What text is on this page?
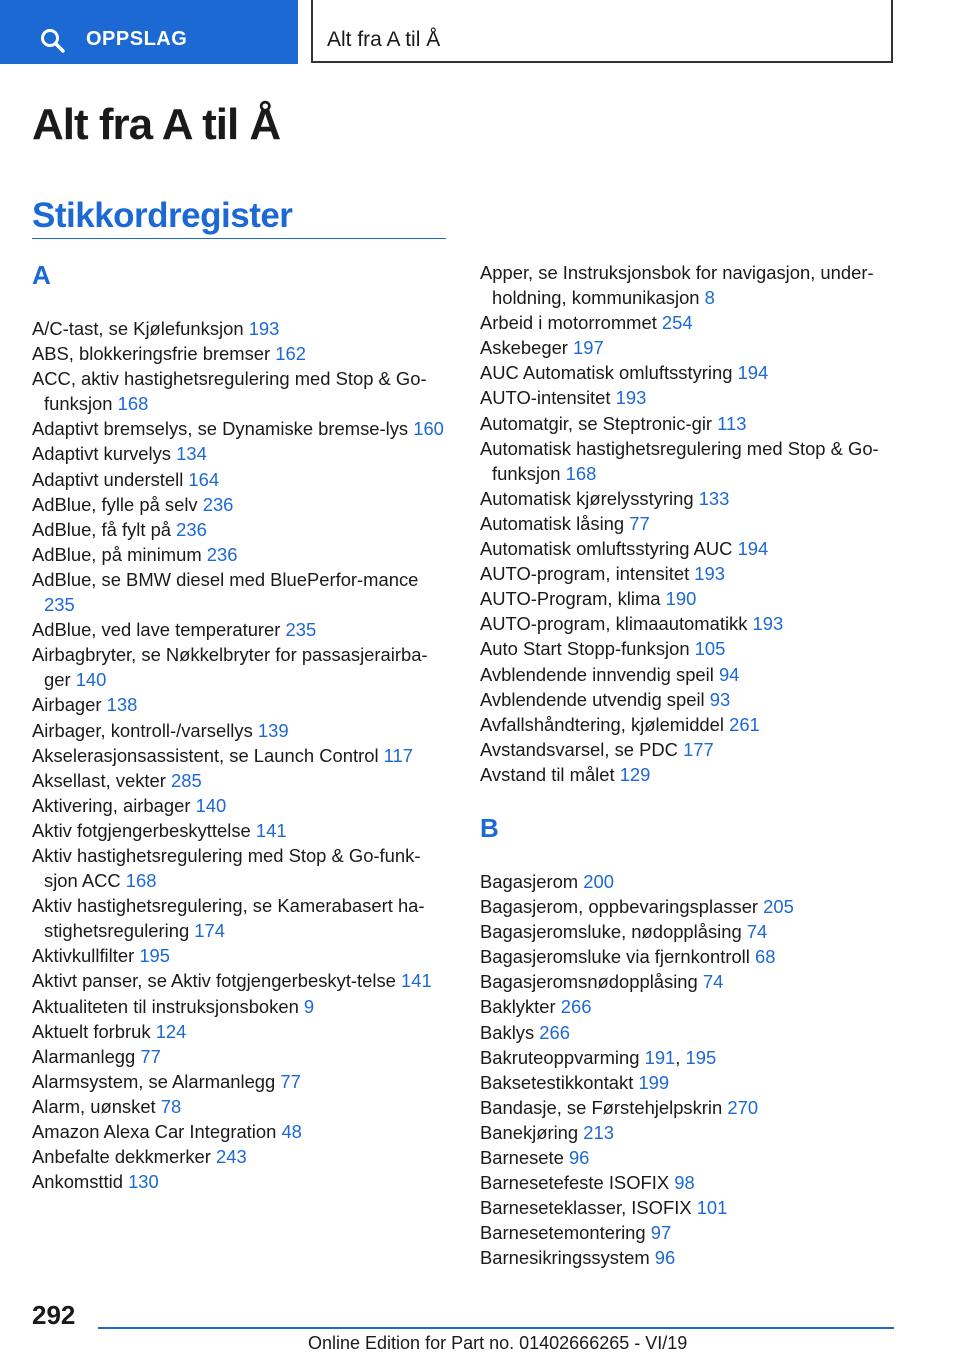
OPPSLAG	Alt fra A til Å
Alt fra A til Å
Stikkordregister
A
A/C-tast, se Kjølefunksjon 193
ABS, blokkeringsfrie bremser 162
ACC, aktiv hastighetsregulering med Stop & Go-funksjon 168
Adaptivt bremselys, se Dynamiske bremse-lys 160
Adaptivt kurvelys 134
Adaptivt understell 164
AdBlue, fylle på selv 236
AdBlue, få fylt på 236
AdBlue, på minimum 236
AdBlue, se BMW diesel med BluePerfor-mance 235
AdBlue, ved lave temperaturer 235
Airbagbryter, se Nøkkelbryter for passasjerairba-ger 140
Airbager 138
Airbager, kontroll-/varsellys 139
Akselerasjonsassistent, se Launch Control 117
Aksellast, vekter 285
Aktivering, airbager 140
Aktiv fotgjengerbeskyttelse 141
Aktiv hastighetsregulering med Stop & Go-funk-sjon ACC 168
Aktiv hastighetsregulering, se Kamerabasert ha-stighetsregulering 174
Aktivkullfilter 195
Aktivt panser, se Aktiv fotgjengerbeskyt-telse 141
Aktualiteten til instruksjonsboken 9
Aktuelt forbruk 124
Alarmanlegg 77
Alarmsystem, se Alarmanlegg 77
Alarm, uønsket 78
Amazon Alexa Car Integration 48
Anbefalte dekkmerker 243
Ankomsttid 130
Apper, se Instruksjonsbok for navigasjon, under-holdning, kommunikasjon 8
Arbeid i motorrommet 254
Askebeger 197
AUC Automatisk omluftsstyring 194
AUTO-intensitet 193
Automatgir, se Steptronic-gir 113
Automatisk hastighetsregulering med Stop & Go-funksjon 168
Automatisk kjørelysstyring 133
Automatisk låsing 77
Automatisk omluftsstyring AUC 194
AUTO-program, intensitet 193
AUTO-Program, klima 190
AUTO-program, klimaautomatikk 193
Auto Start Stopp-funksjon 105
Avblendende innvendig speil 94
Avblendende utvendig speil 93
Avfallshåndtering, kjølemiddel 261
Avstandsvarsel, se PDC 177
Avstand til målet 129
B
Bagasjerom 200
Bagasjerom, oppbevaringsplasser 205
Bagasjeromsluke, nødopplåsing 74
Bagasjeromsluke via fjernkontroll 68
Bagasjeromsnødopplåsing 74
Baklykter 266
Baklys 266
Bakruteoppvarming 191, 195
Baksetestikkontakt 199
Bandasje, se Førstehjelpskrin 270
Banekjøring 213
Barnesete 96
Barnesetefeste ISOFIX 98
Barneseteklasser, ISOFIX 101
Barnesetemontering 97
Barnesikringssystem 96
292
Online Edition for Part no. 01402666265 - VI/19
